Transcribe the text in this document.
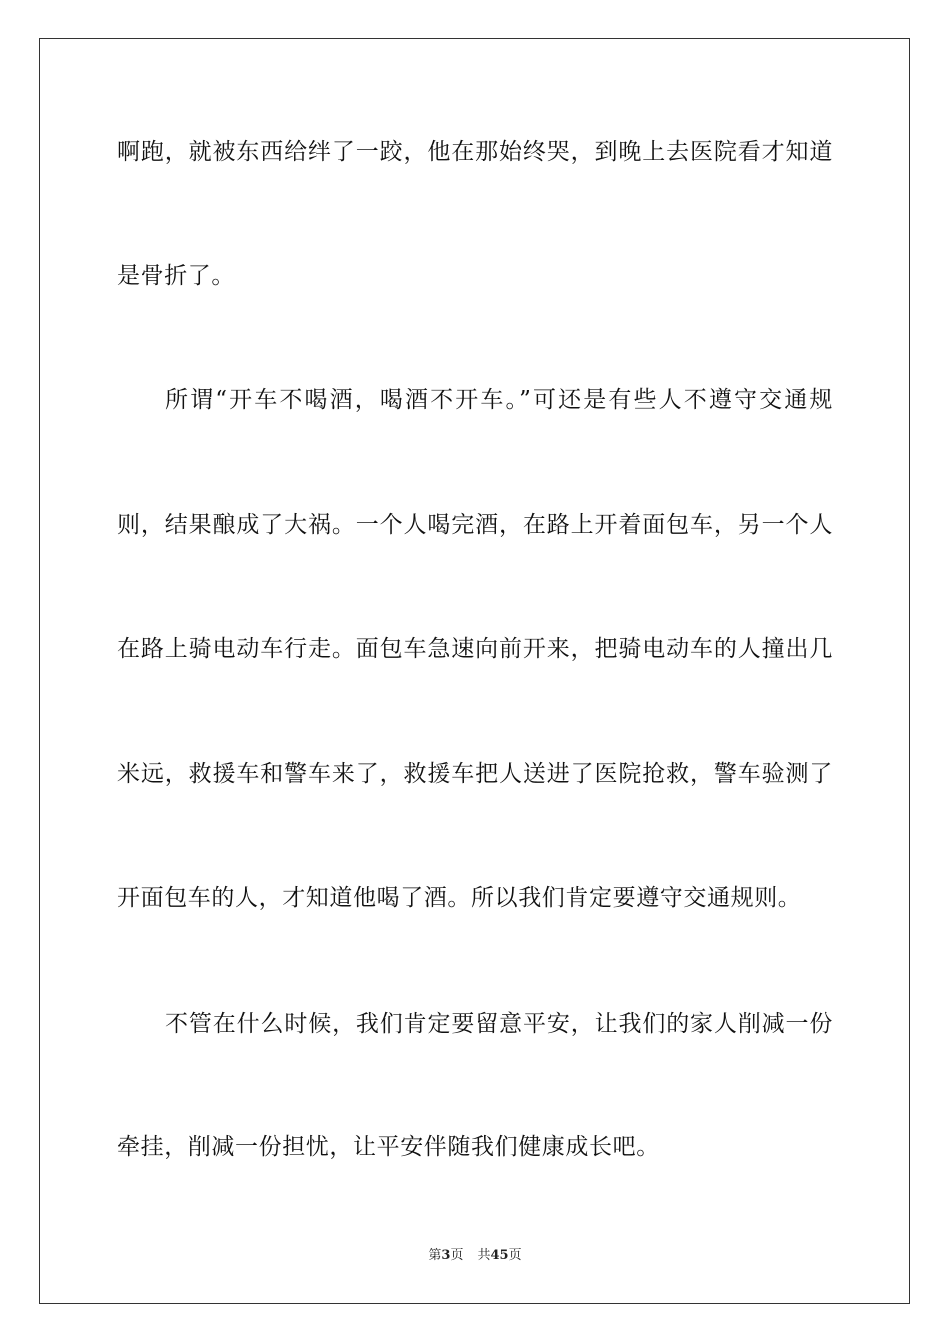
啊跑，就被东西给绊了一跤，他在那始终哭，到晚上去医院看才知道
是骨折了。
所谓“开车不喝酒，喝酒不开车。”可还是有些人不遵守交通规
则，结果酿成了大祸。一个人喝完酒，在路上开着面包车，另一个人
在路上骑电动车行走。面包车急速向前开来，把骑电动车的人撞出几
米远，救援车和警车来了，救援车把人送进了医院抢救，警车验测了
开面包车的人，才知道他喝了酒。所以我们肯定要遵守交通规则。
不管在什么时候，我们肯定要留意平安，让我们的家人削减一份
牵挂，削减一份担忧，让平安伴随我们健康成长吧。
第3页 共45页
